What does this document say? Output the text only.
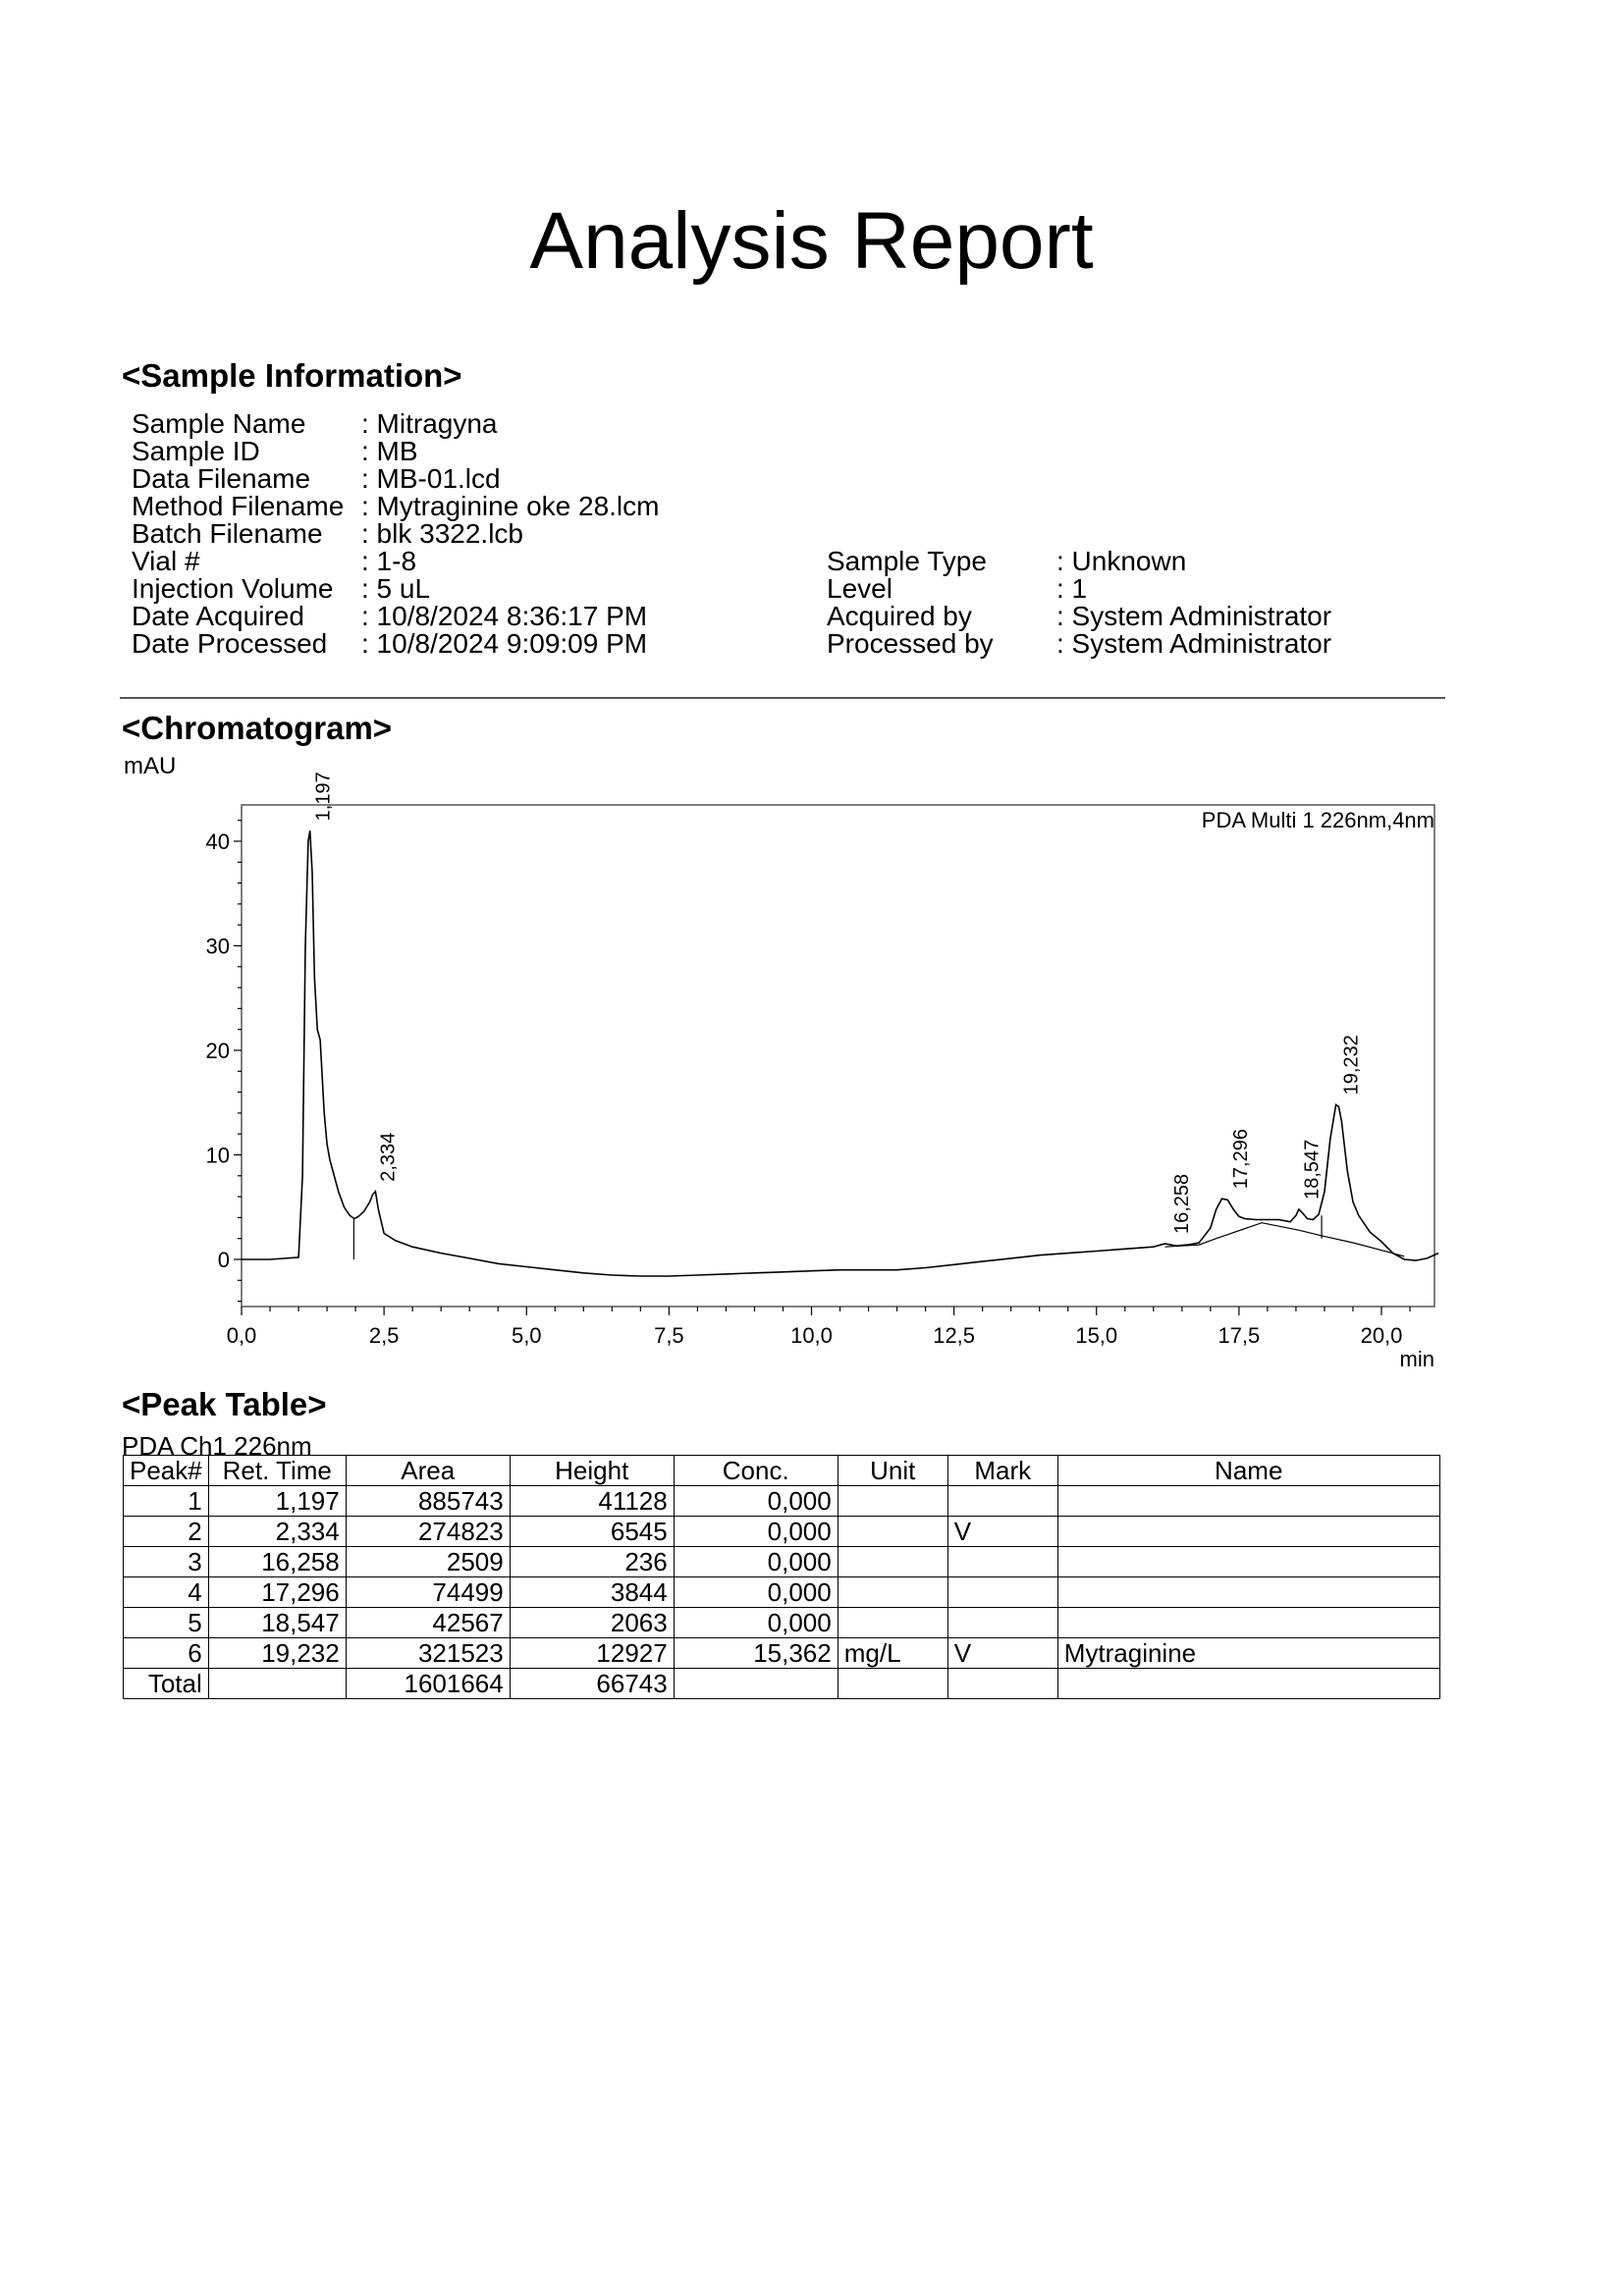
Analysis Report
<Sample Information>
Sample Name : Mitragyna
Sample ID	: MB
Data Filename : MB-01.lcd
Method Filename : Mytraginine oke 28.lcm
Batch Filename : blk 3322.lcb
Vial #	: 1-8
Injection Volume : 5 uL
Date Acquired : 10/8/2024 8:36:17 PM
Date Processed : 10/8/2024 9:09:09 PM
Sample Type	: Unknown
Level	: 1
Acquired by	: System Administrator
Processed by : System Administrator
<Chromatogram>
mAU
0
10
20
30
40
0,0	2,5	5,0	7,5	10,0	12,5	15,0	17,5	20,0
min
PDA Multi 1 226nm,4nm
1,197
2,334
16,258
17,296	18,547
19,232
<Peak Table>
PDA Ch1 226nm
Peak#	Ret. Time	Area	Height	Conc.	Unit	Mark	Name
1	1,197	885743	41128	0,000			
2	2,334	274823	6545	0,000		V	
3	16,258	2509	236	0,000			
4	17,296	74499	3844	0,000			
5	18,547	42567	2063	0,000			
6	19,232	321523	12927	15,362	mg/L	V	Mytraginine
Total		1601664	66743				
